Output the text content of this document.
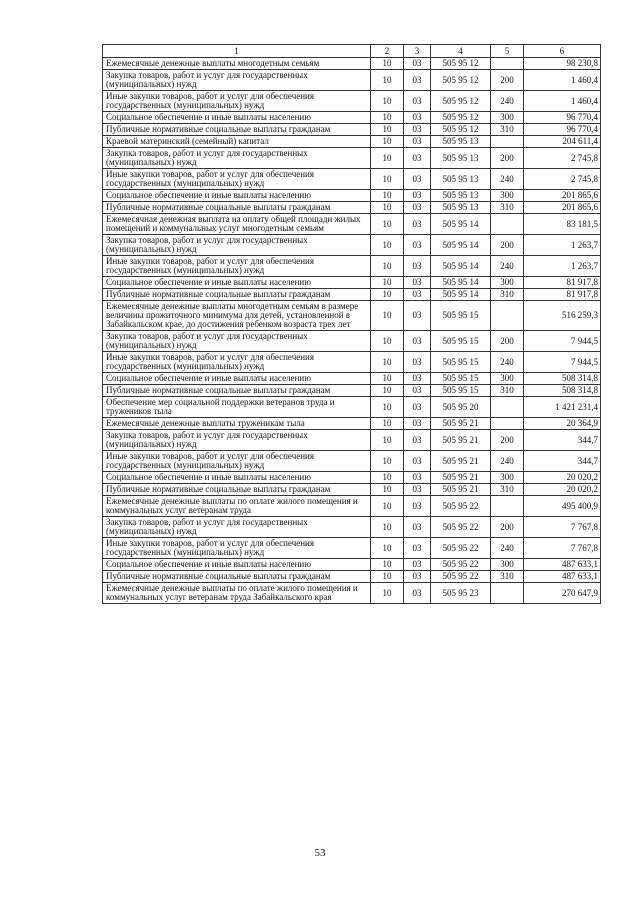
1	2	3	4	5	6
Ежемесячные денежные выплаты многодетным семьям	10	03	505 95 12		98 230,8
Закупка товаров, работ и услуг для государственных (муниципальных) нужд	10	03	505 95 12	200	1 460,4
Иные закупки товаров, работ и услуг для обеспечения государственных (муниципальных) нужд	10	03	505 95 12	240	1 460,4
Социальное обеспечение и иные выплаты населению	10	03	505 95 12	300	96 770,4
Публичные нормативные социальные выплаты гражданам	10	03	505 95 12	310	96 770,4
Краевой материнский (семейный) капитал	10	03	505 95 13		204 611,4
Закупка товаров, работ и услуг для государственных (муниципальных) нужд	10	03	505 95 13	200	2 745,8
Иные закупки товаров, работ и услуг для обеспечения государственных (муниципальных) нужд	10	03	505 95 13	240	2 745,8
Социальное обеспечение и иные выплаты населению	10	03	505 95 13	300	201 865,6
Публичные нормативные социальные выплаты гражданам	10	03	505 95 13	310	201 865,6
Ежемесячная денежная выплата на оплату общей площади жилых помещений и коммунальных услуг многодетным семьям	10	03	505 95 14		83 181,5
Закупка товаров, работ и услуг для государственных (муниципальных) нужд	10	03	505 95 14	200	1 263,7
Иные закупки товаров, работ и услуг для обеспечения государственных (муниципальных) нужд	10	03	505 95 14	240	1 263,7
Социальное обеспечение и иные выплаты населению	10	03	505 95 14	300	81 917,8
Публичные нормативные социальные выплаты гражданам	10	03	505 95 14	310	81 917,8
Ежемесячные денежные выплаты многодетным семьям в размере величины прожиточного минимума для детей, установленной в Забайкальском крае, до достижения ребенком возраста трех лет	10	03	505 95 15		516 259,3
Закупка товаров, работ и услуг для государственных (муниципальных) нужд	10	03	505 95 15	200	7 944,5
Иные закупки товаров, работ и услуг для обеспечения государственных (муниципальных) нужд	10	03	505 95 15	240	7 944,5
Социальное обеспечение и иные выплаты населению	10	03	505 95 15	300	508 314,8
Публичные нормативные социальные выплаты гражданам	10	03	505 95 15	310	508 314,8
Обеспечение мер социальной поддержки ветеранов труда и тружеников тыла	10	03	505 95 20		1 421 231,4
Ежемесячные денежные выплаты труженикам тыла	10	03	505 95 21		20 364,9
Закупка товаров, работ и услуг для государственных (муниципальных) нужд	10	03	505 95 21	200	344,7
Иные закупки товаров, работ и услуг для обеспечения государственных (муниципальных) нужд	10	03	505 95 21	240	344,7
Социальное обеспечение и иные выплаты населению	10	03	505 95 21	300	20 020,2
Публичные нормативные социальные выплаты гражданам	10	03	505 95 21	310	20 020,2
Ежемесячные денежные выплаты по оплате жилого помещения и коммунальных услуг ветеранам труда	10	03	505 95 22		495 400,9
Закупка товаров, работ и услуг для государственных (муниципальных) нужд	10	03	505 95 22	200	7 767,8
Иные закупки товаров, работ и услуг для обеспечения государственных (муниципальных) нужд	10	03	505 95 22	240	7 767,8
Социальное обеспечение и иные выплаты населению	10	03	505 95 22	300	487 633,1
Публичные нормативные социальные выплаты гражданам	10	03	505 95 22	310	487 633,1
Ежемесячные денежные выплаты по оплате жилого помещения и коммунальных услуг ветеранам труда Забайкальского края	10	03	505 95 23		270 647,9
53
